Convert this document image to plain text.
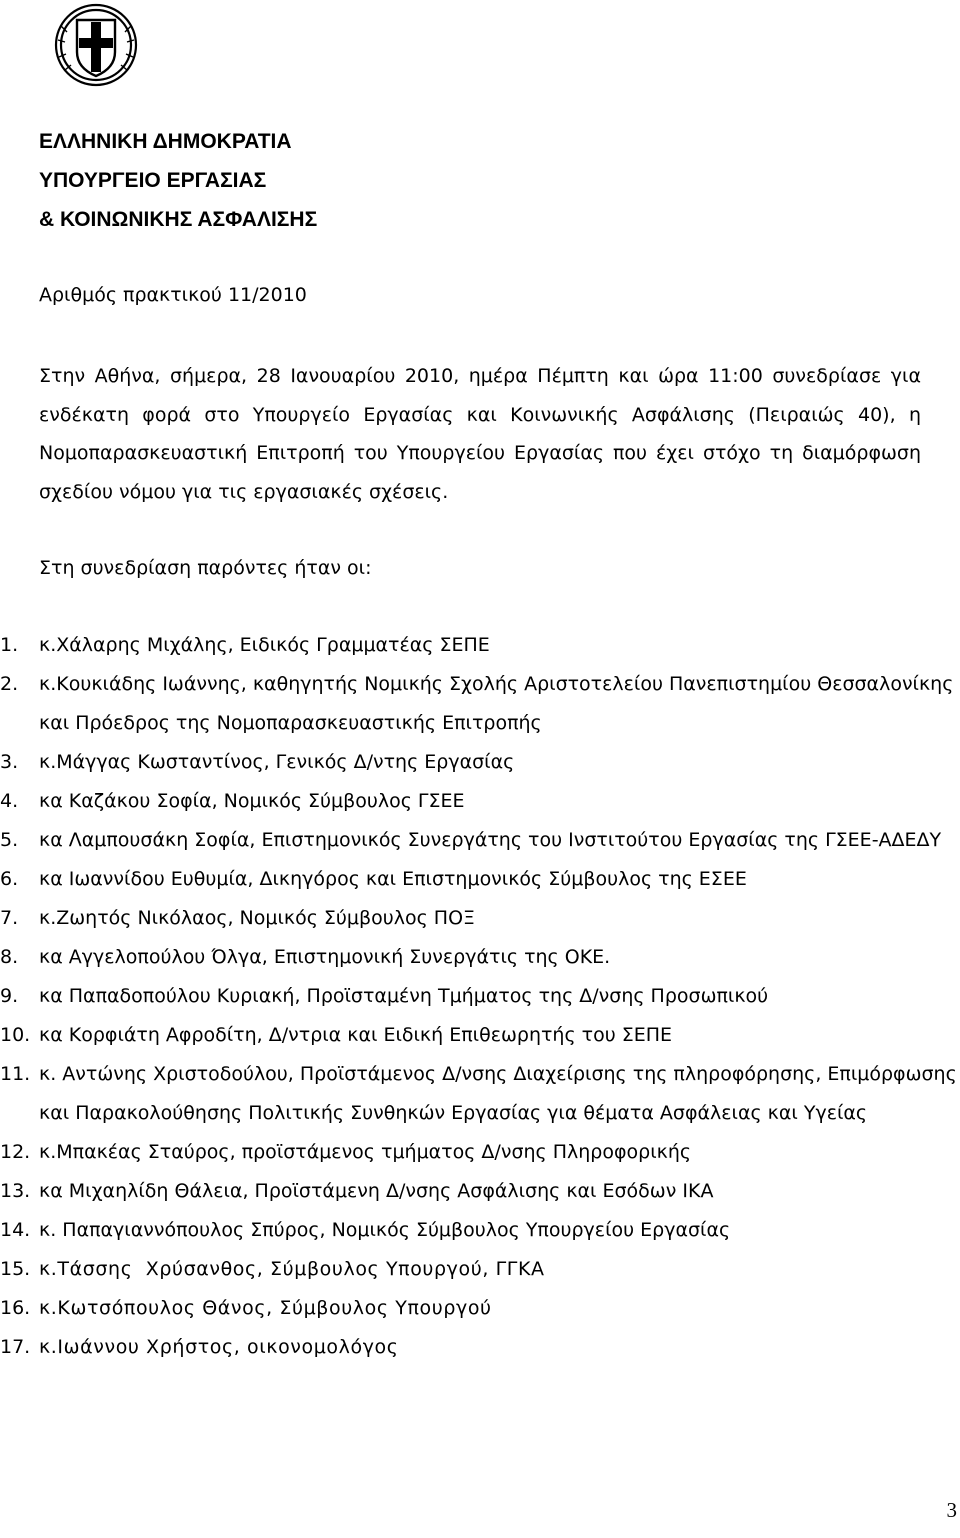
ΕΛΛΗΝΙΚΗ ΔΗΜΟΚΡΑΤΙΑ
ΥΠΟΥΡΓΕΙΟ ΕΡΓΑΣΙΑΣ
& ΚΟΙΝΩΝΙΚΗΣ ΑΣΦΑΛΙΣΗΣ
Αριθμός πρακτικού 11/2010
Στην Αθήνα, σήμερα, 28 Ιανουαρίου 2010, ημέρα Πέμπτη και ώρα 11:00 συνεδρίασε για ενδέκατη φορά στο Υπουργείο Εργασίας και Κοινωνικής Ασφάλισης (Πειραιώς 40), η Νομοπαρασκευαστική Επιτροπή του Υπουργείου Εργασίας που έχει στόχο τη διαμόρφωση σχεδίου νόμου για τις εργασιακές σχέσεις.
Στη συνεδρίαση παρόντες ήταν οι:
1.	κ.Χάλαρης Μιχάλης, Ειδικός Γραμματέας ΣΕΠΕ
2.	κ.Κουκιάδης Ιωάννης, καθηγητής Νομικής Σχολής Αριστοτελείου Πανεπιστημίου Θεσσαλονίκης
και Πρόεδρος της Νομοπαρασκευαστικής Επιτροπής
3.	κ.Μάγγας Κωσταντίνος, Γενικός Δ/ντης Εργασίας
4.	κα Καζάκου Σοφία, Νομικός Σύμβουλος ΓΣΕΕ
5.	κα Λαμπουσάκη Σοφία, Επιστημονικός Συνεργάτης του Ινστιτούτου Εργασίας της ΓΣΕΕ-ΑΔΕΔΥ
6.	κα Ιωαννίδου Ευθυμία, Δικηγόρος και Επιστημονικός Σύμβουλος της ΕΣΕΕ
7.	κ.Ζωητός Νικόλαος, Νομικός Σύμβουλος ΠΟΞ
8.	κα Αγγελοπούλου Όλγα, Επιστημονική Συνεργάτις της ΟΚΕ.
9.	κα Παπαδοπούλου Κυριακή, Προϊσταμένη Τμήματος της Δ/νσης Προσωπικού
10. κα Κορφιάτη Αφροδίτη, Δ/ντρια και Ειδική Επιθεωρητής του ΣΕΠΕ
11. κ. Αντώνης Χριστοδούλου, Προϊστάμενος Δ/νσης Διαχείρισης της πληροφόρησης, Επιμόρφωσης
και Παρακολούθησης Πολιτικής Συνθηκών Εργασίας για θέματα Ασφάλειας και Υγείας
12. κ.Μπακέας Σταύρος, προϊστάμενος τμήματος Δ/νσης Πληροφορικής
13. κα Μιχαηλίδη Θάλεια, Προϊστάμενη Δ/νσης Ασφάλισης και Εσόδων ΙΚΑ
14. κ. Παπαγιαννόπουλος Σπύρος, Νομικός Σύμβουλος Υπουργείου Εργασίας
15. κ.Τάσσης  Χρύσανθος, Σύμβουλος Υπουργού, ΓΓΚΑ
16. κ.Κωτσόπουλος Θάνος, Σύμβουλος Υπουργού
17. κ.Ιωάννου Χρήστος, οικονομολόγος
3
